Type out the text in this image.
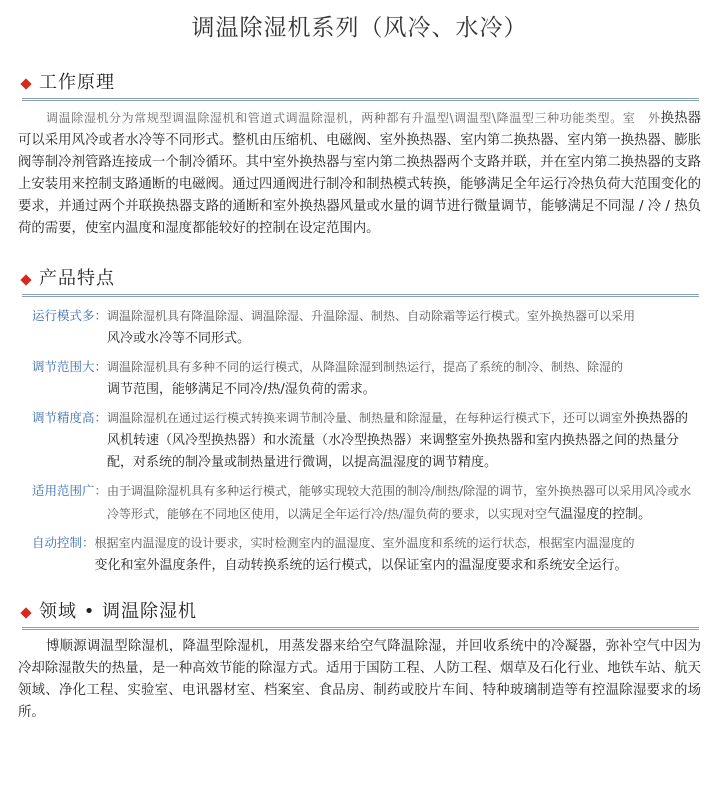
调温除湿机系列（风冷、水冷）
工作原理
调温除湿机分为常规型调温除湿机和管道式调温除湿机，两种都有升温型\调温型\降温型三种功能类型。室　外换热器可以采用风冷或者水冷等不同形式。整机由压缩机、电磁阀、室外换热器、室内第二换热器、室内第一换热器、膨胀阀等制冷剂管路连接成一个制冷循环。其中室外换热器与室内第二换热器两个支路并联，并在室内第二换热器的支路上安装用来控制支路通断的电磁阀。通过四通阀进行制冷和制热模式转换，能够满足全年运行冷热负荷大范围变化的要求，并通过两个并联换热器支路的通断和室外换热器风量或水量的调节进行微量调节，能够满足不同湿 / 冷 / 热负荷的需要，使室内温度和湿度都能较好的控制在设定范围内。
产品特点
运行模式多： 调温除湿机具有降温除湿、调温除湿、升温除湿、制热、自动除霜等运行模式。室外换热器可以采用
风冷或水冷等不同形式。
调节范围大： 调温除湿机具有多种不同的运行模式，从降温除湿到制热运行，提高了系统的制冷、制热、除湿的
调节范围，能够满足不同冷/热/湿负荷的需求。
调节精度高： 调温除湿机在通过运行模式转换来调节制冷量、制热量和除湿量，在每种运行模式下，还可以调室外换热器的风机转速（风冷型换热器）和水流量（水冷型换热器）来调整室外换热器和室内换热器之间的热量分配，对系统的制冷量或制热量进行微调，以提高温湿度的调节精度。
适用范围广： 由于调温除湿机具有多种运行模式，能够实现较大范围的制冷/制热/除湿的调节，室外换热器可以采用风冷或水冷等形式，能够在不同地区使用，以满足全年运行冷/热/湿负荷的要求，以实现对空气温湿度的控制。
自动控制： 根据室内温湿度的设计要求，实时检测室内的温湿度、室外温度和系统的运行状态，根据室内温湿度的
变化和室外温度条件，自动转换系统的运行模式，以保证室内的温湿度要求和系统安全运行。
领域 • 调温除湿机
博顺源调温型除湿机，降温型除湿机，用蒸发器来给空气降温除湿，并回收系统中的冷凝器，弥补空气中因为冷却除湿散失的热量，是一种高效节能的除湿方式。适用于国防工程、人防工程、烟草及石化行业、地铁车站、航天领域、净化工程、实验室、电讯器材室、档案室、食品房、制药或胶片车间、特种玻璃制造等有控温除湿要求的场所。
